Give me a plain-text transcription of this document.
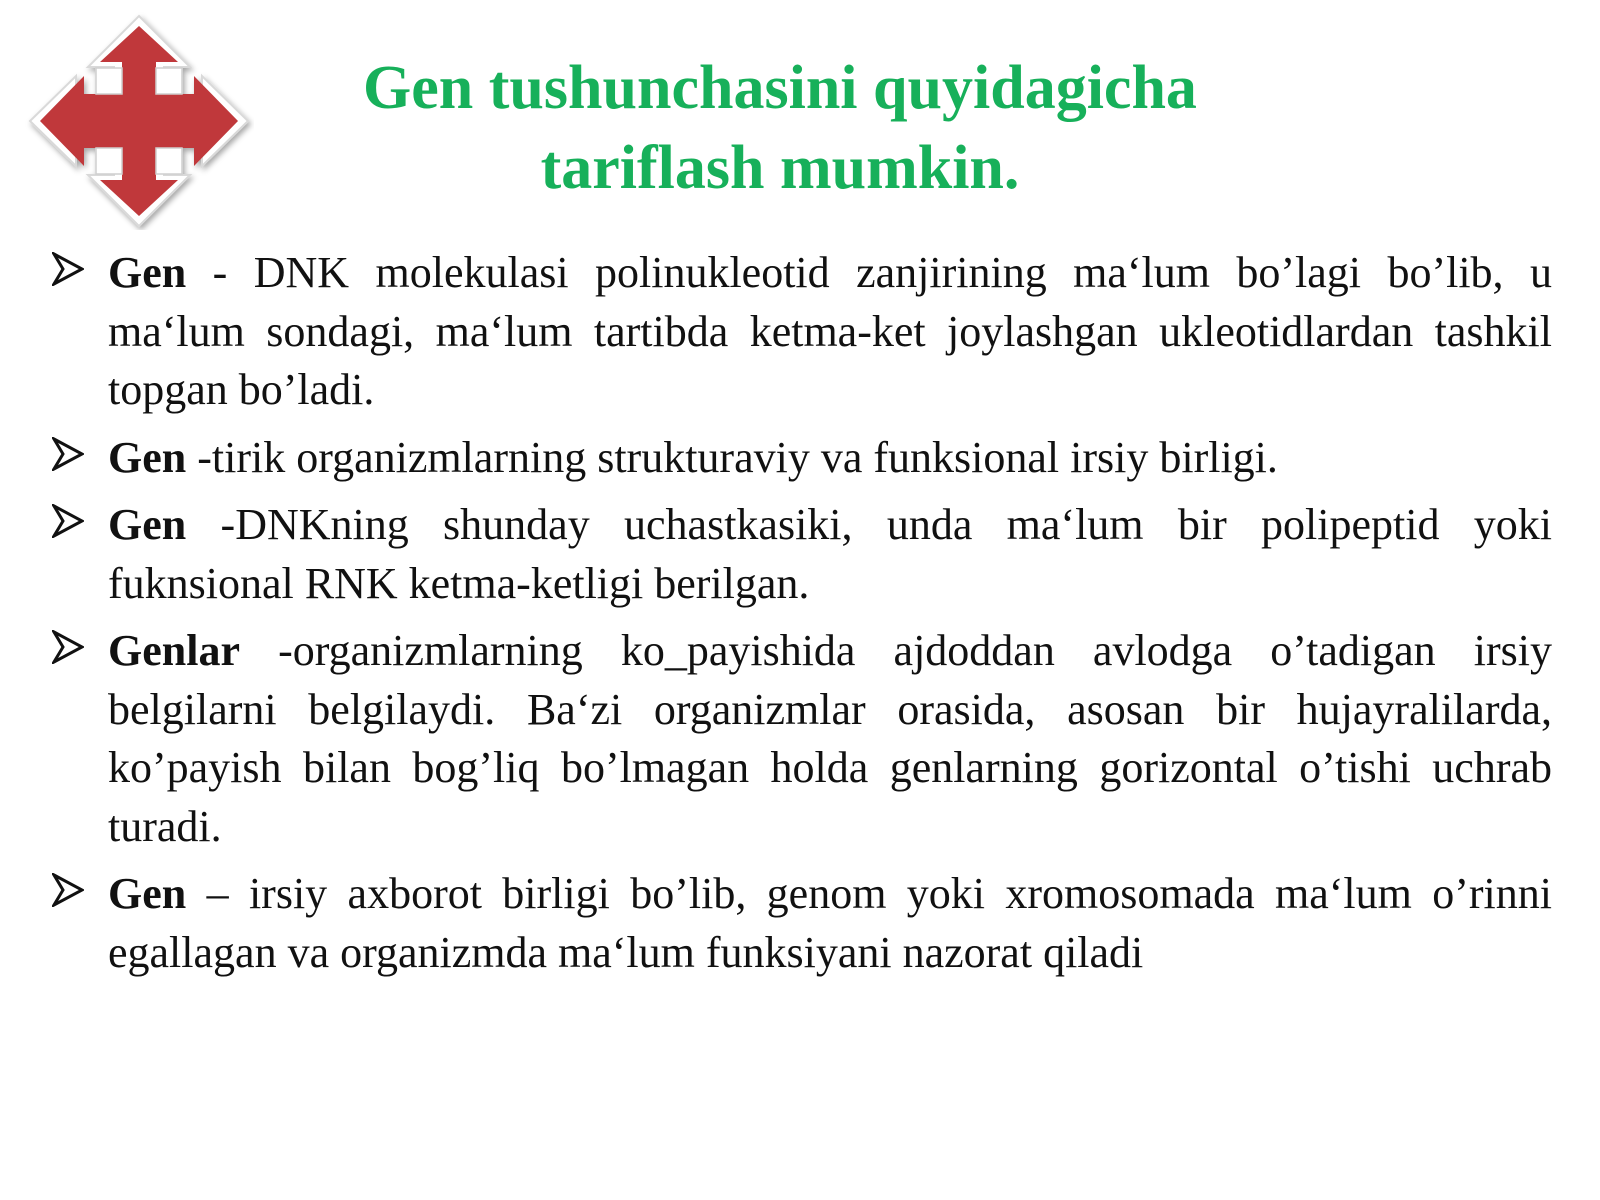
Gen tushunchasini quyidagicha
tariflash mumkin.
Gen - DNK molekulasi polinukleotid zanjirining ma‘lum bo’lagi bo’lib, u ma‘lum sondagi, ma‘lum tartibda ketma-ket joylashgan ukleotidlardan tashkil topgan bo’ladi.
Gen -tirik organizmlarning strukturaviy va funksional irsiy birligi.
Gen -DNKning shunday uchastkasiki, unda ma‘lum bir polipeptid yoki fuknsional RNK ketma-ketligi berilgan.
Genlar -organizmlarning ko_payishida ajdoddan avlodga o’tadigan irsiy belgilarni belgilaydi. Ba‘zi organizmlar orasida, asosan bir hujayralilarda, ko’payish bilan bog’liq bo’lmagan holda genlarning gorizontal o’tishi uchrab turadi.
Gen – irsiy axborot birligi bo’lib, genom yoki xromosomada ma‘lum o’rinni egallagan va organizmda ma‘lum funksiyani nazorat qiladi
